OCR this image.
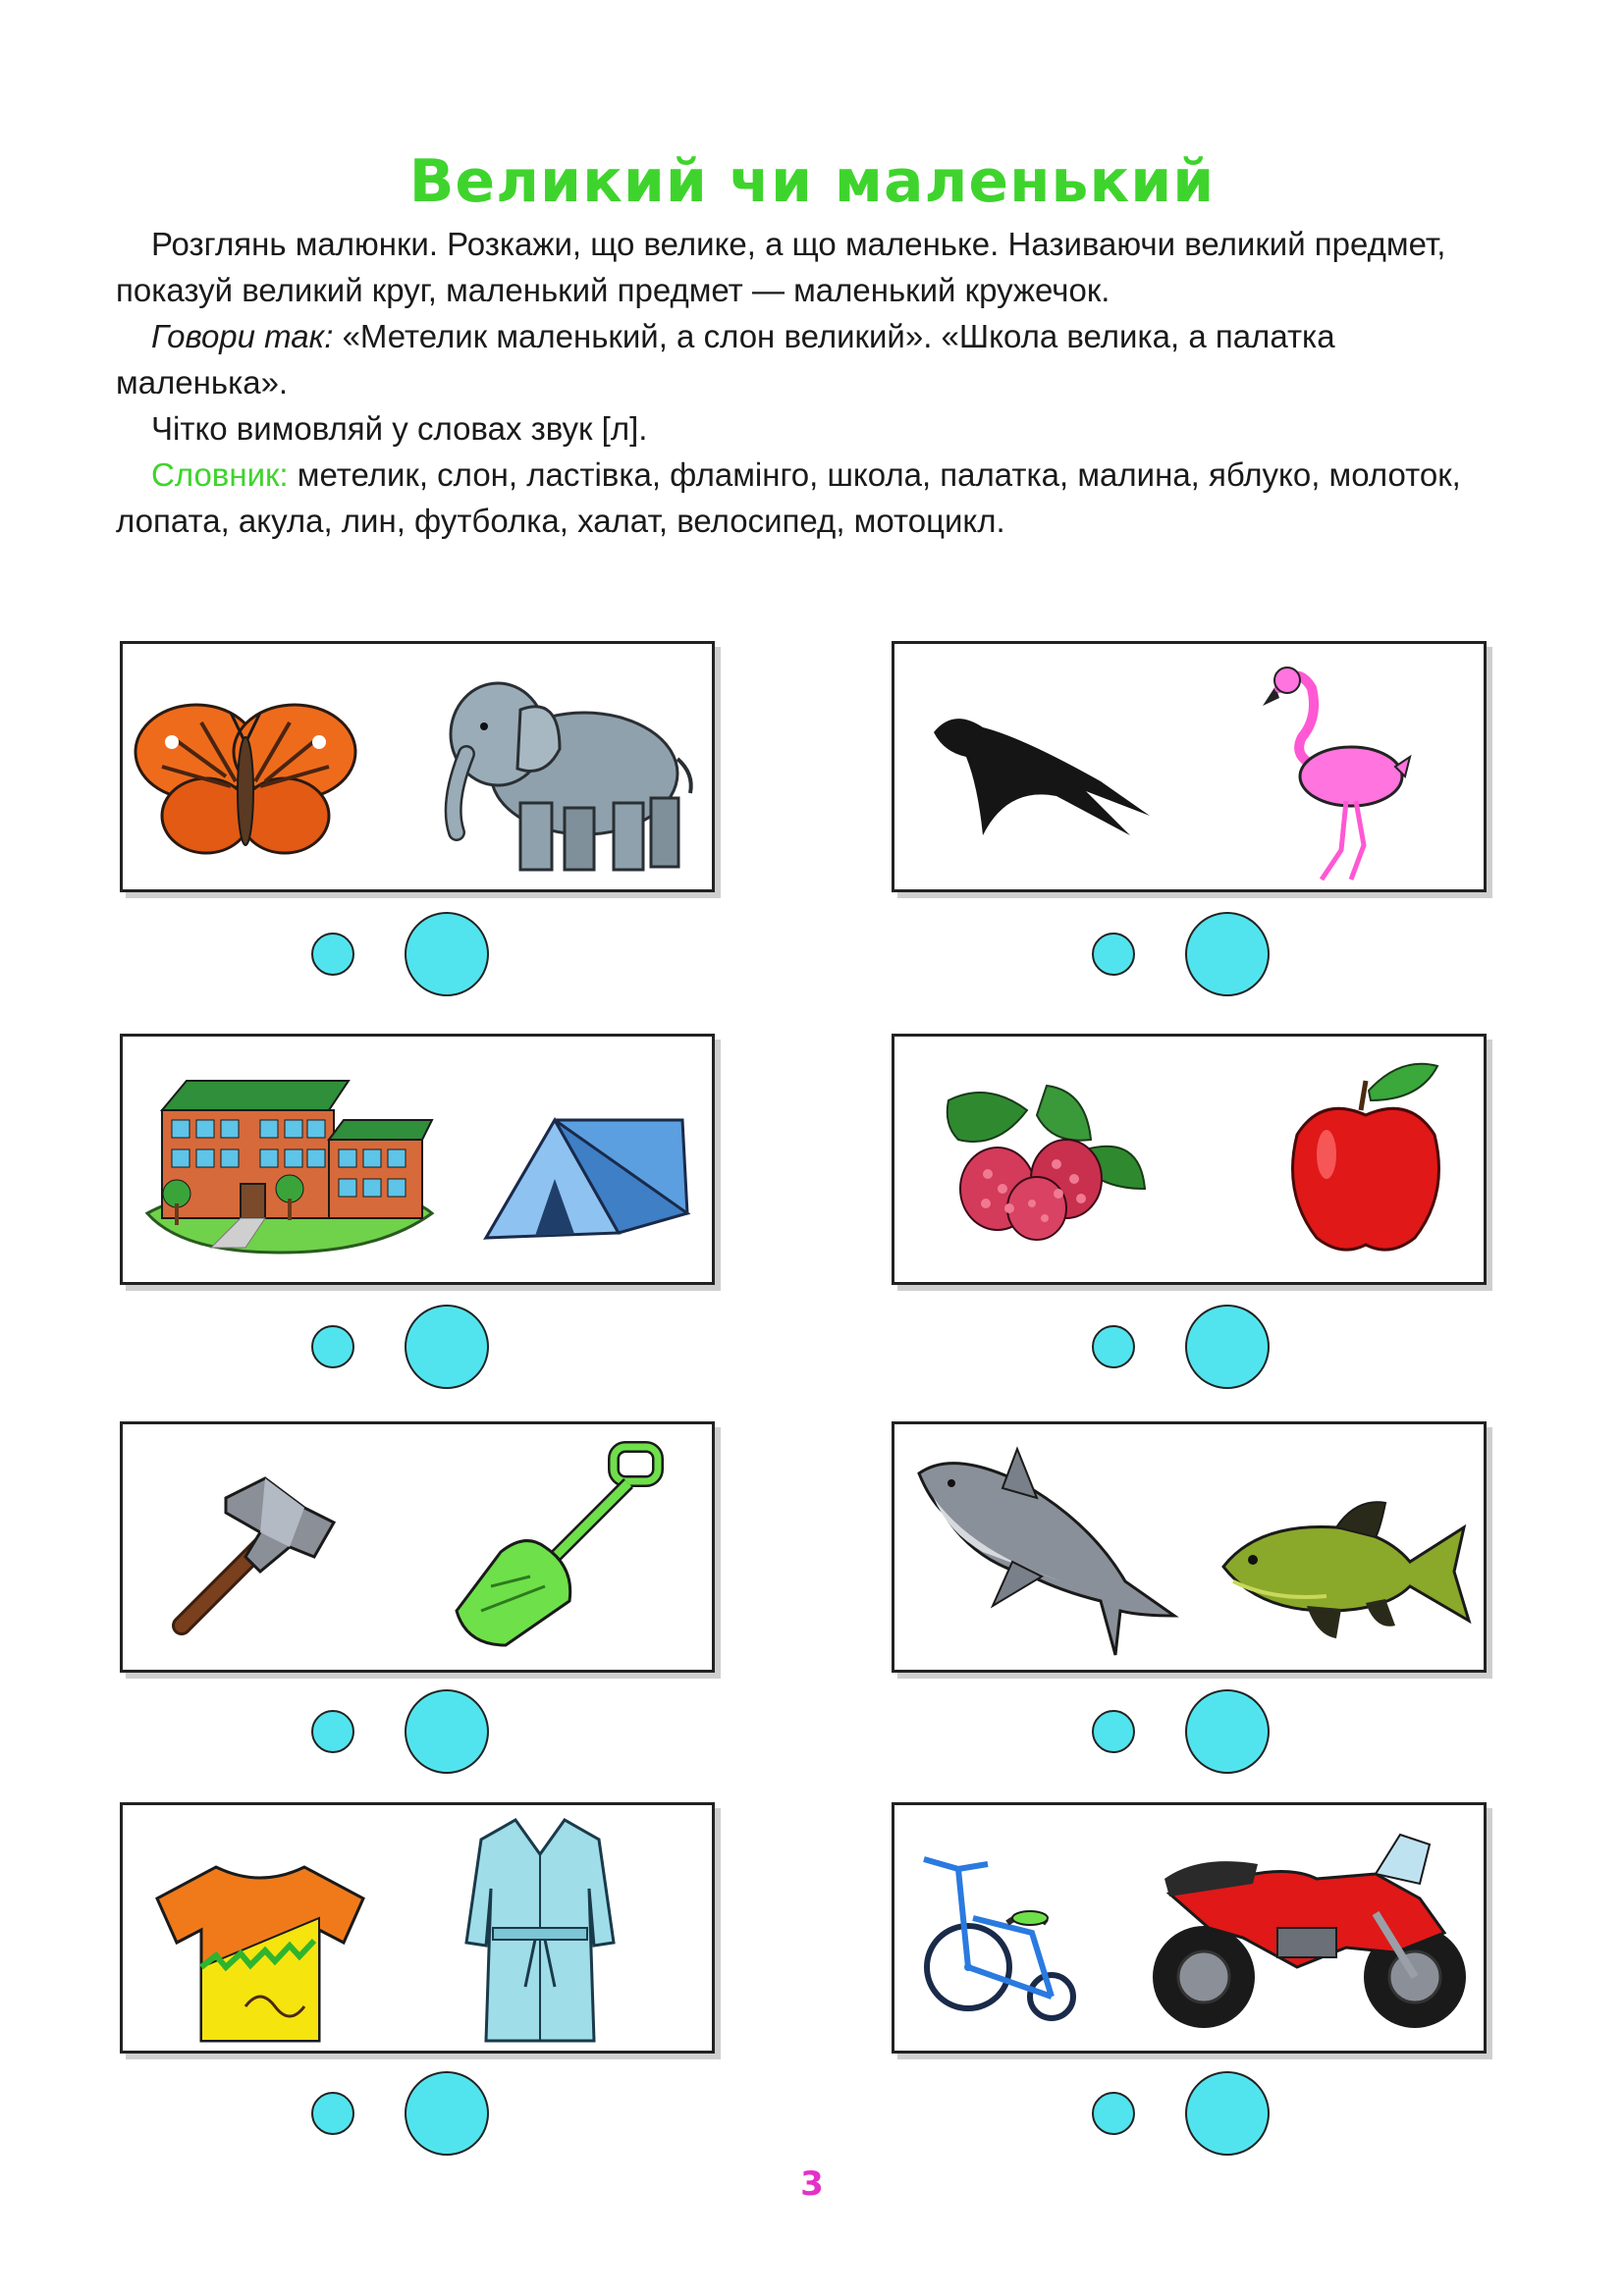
Великий чи маленький

Розглянь малюнки. Розкажи, що велике, а що маленьке. Називаючи великий предмет, показуй великий круг, маленький предмет — маленький кружечок.

Говори так: «Метелик маленький, а слон великий». «Школа велика, а палатка маленька».

Чітко вимовляй у словах звук [л].

Словник: метелик, слон, ластівка, фламінго, школа, палатка, малина, яблуко, молоток, лопата, акула, лин, футболка, халат, велосипед, мотоцикл.

3
